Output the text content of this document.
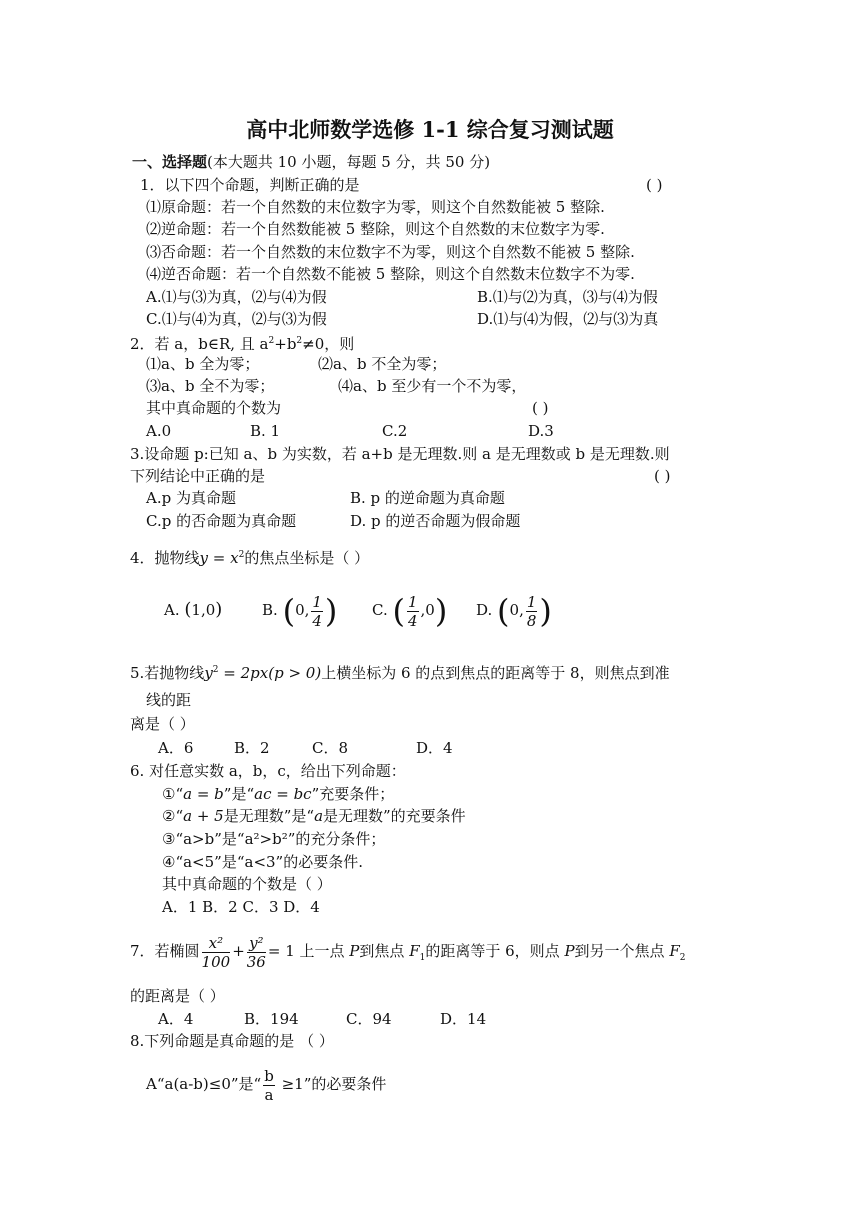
高中北师数学选修 1-1 综合复习测试题
一、选择题(本大题共 10 小题，每题 5 分，共 50 分)
1．以下四个命题，判断正确的是	( )
⑴原命题：若一个自然数的末位数字为零，则这个自然数能被 5 整除.
⑵逆命题：若一个自然数能被 5 整除，则这个自然数的末位数字为零.
⑶否命题：若一个自然数的末位数字不为零，则这个自然数不能被 5 整除.
⑷逆否命题：若一个自然数不能被 5 整除，则这个自然数末位数字不为零.
A.⑴与⑶为真，⑵与⑷为假	B.⑴与⑵为真，⑶与⑷为假
C.⑴与⑷为真，⑵与⑶为假	D.⑴与⑷为假，⑵与⑶为真
2．若 a，b∈R, 且 $a^2+b^2\ne 0$，则
⑴a、b 全为零；	⑵a、b 不全为零；
⑶a、b 全不为零；	⑷a、b 至少有一个不为零，
其中真命题的个数为	( )
A.0	B. 1	C.2	D.3
3.设命题 p:已知 a、b 为实数，若 a+b 是无理数.则 a 是无理数或 b 是无理数.则
下列结论中正确的是	( )
A.p 为真命题	B. p 的逆命题为真命题
C.p 的否命题为真命题	D. p 的逆否命题为假命题
4．抛物线$y = x^2$的焦点坐标是（ ）
A. (1,0)	B. (0, $\frac{1}{4}$ ) C. ( $\frac{1}{4} ,0$) D. (0, $\frac{1}{8}$ )
5.若抛物线$y^2 = 2px(p > 0)$上横坐标为 6 的点到焦点的距离等于 8，则焦点到准
线的距
离是（ ）
A．6	B．2	C．8	D．4
6. 对任意实数 a，b，c，给出下列命题：
①“a = b”是“ac = bc”充要条件；
②“a + 5是无理数”是“a是无理数”的充要条件
③“a>b”是“a²>b²”的充分条件；
④“a<5”是“a<3”的必要条件.
其中真命题的个数是（ ）
A．1 B．2 C．3 D．4
7．若椭圆 $\frac{\text{x²}}{100} + \frac{\text{y²}}{36} = 1$ 上一点 P到焦点 $F_1$的距离等于 6，则点 P到另一个焦点 $F_2$
的距离是（ ）
A．4	B．194	C．94	D．14
8.下列命题是真命题的是 （ ）
A“a(a-b)≤0”是“ $\frac{b}{a} \ge 1$”的必要条件
